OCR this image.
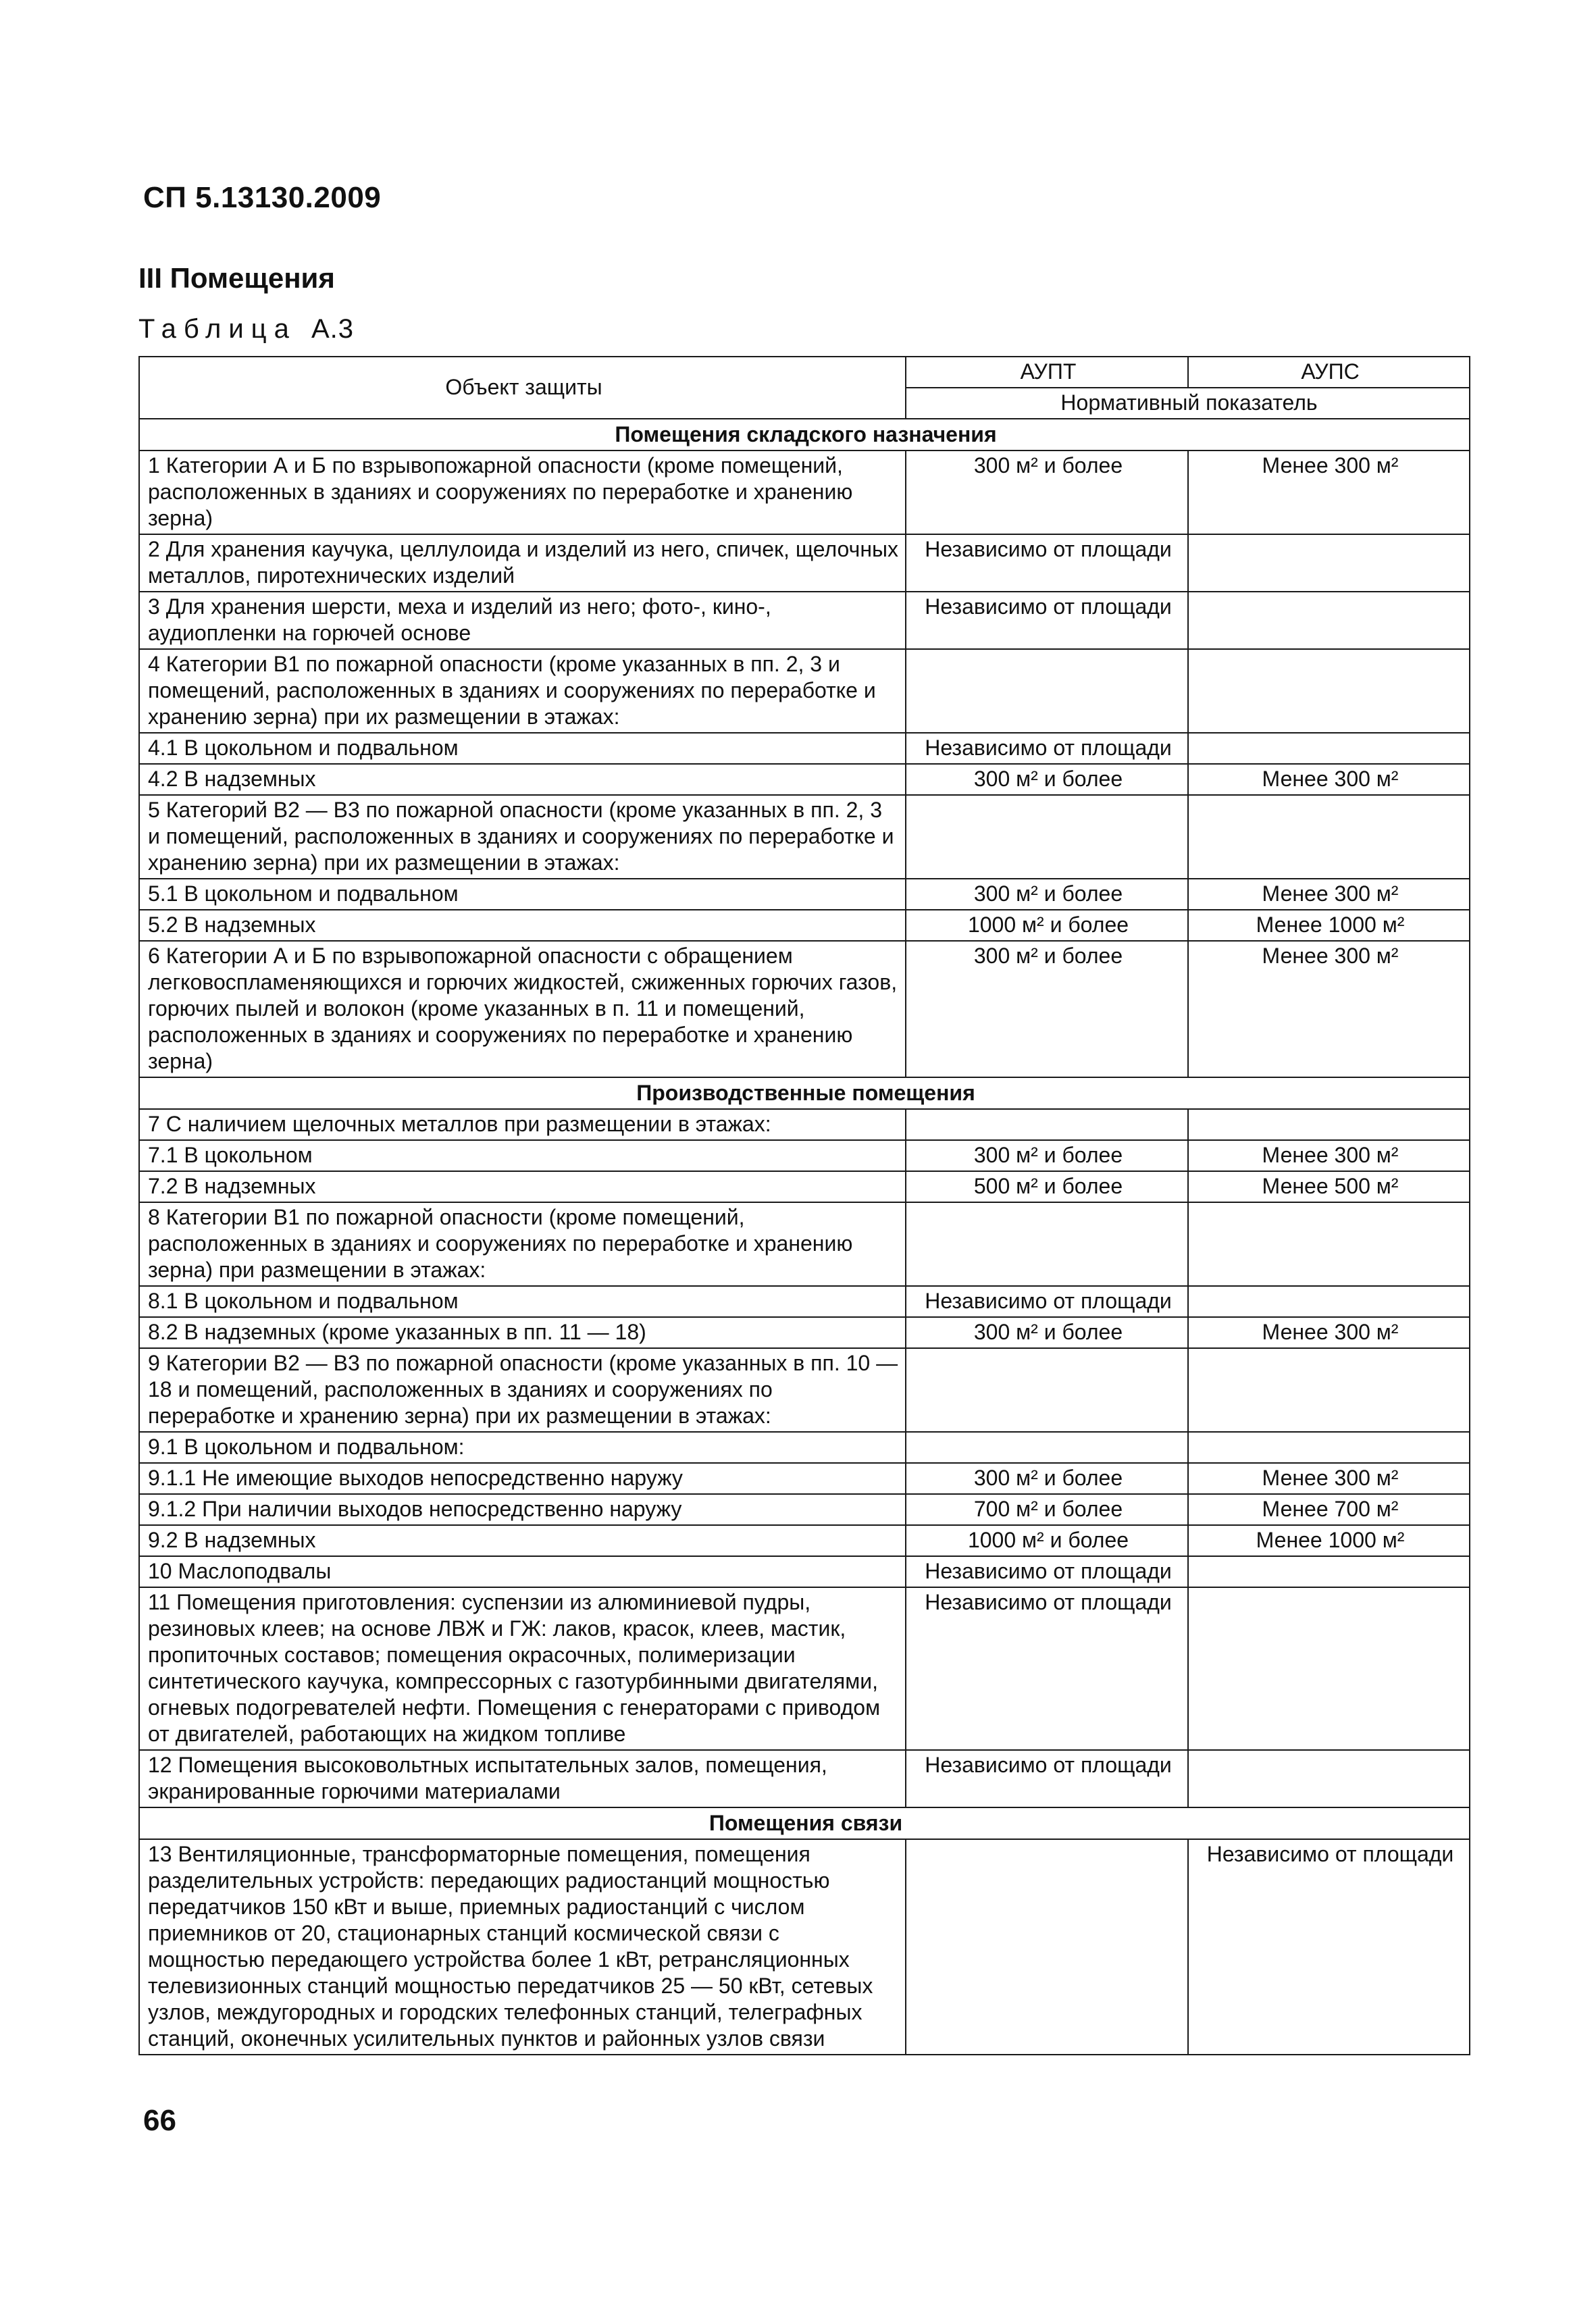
СП 5.13130.2009
III Помещения
Таблица А.3
Объект защиты	АУПТ	АУПС
	Нормативный показатель	
Помещения складского назначения		
1 Категории А и Б по взрывопожарной опасности (кроме помещений, расположенных в зданиях и сооружениях по переработке и хранению зерна)	300 м² и более	Менее 300 м²
2 Для хранения каучука, целлулоида и изделий из него, спичек, щелочных металлов, пиротехнических изделий	Независимо от площади	
3 Для хранения шерсти, меха и изделий из него; фото-, кино-, аудиопленки на горючей основе	Независимо от площади	
4 Категории В1 по пожарной опасности (кроме указанных в пп. 2, 3 и помещений, расположенных в зданиях и сооружениях по переработке и хранению зерна) при их размещении в этажах:		
4.1 В цокольном и подвальном	Независимо от площади	
4.2 В надземных	300 м² и более	Менее 300 м²
5 Категорий В2 — В3 по пожарной опасности (кроме указанных в пп. 2, 3 и помещений, расположенных в зданиях и сооружениях по переработке и хранению зерна) при их размещении в этажах:		
5.1 В цокольном и подвальном	300 м² и более	Менее 300 м²
5.2 В надземных	1000 м² и более	Менее 1000 м²
6 Категории А и Б по взрывопожарной опасности с обращением легковоспламеняющихся и горючих жидкостей, сжиженных горючих газов, горючих пылей и волокон (кроме указанных в п. 11 и помещений, расположенных в зданиях и сооружениях по переработке и хранению зерна)	300 м² и более	Менее 300 м²
Производственные помещения		
7 С наличием щелочных металлов при размещении в этажах:		
7.1 В цокольном	300 м² и более	Менее 300 м²
7.2 В надземных	500 м² и более	Менее 500 м²
8 Категории В1 по пожарной опасности (кроме помещений, расположенных в зданиях и сооружениях по переработке и хранению зерна) при размещении в этажах:		
8.1 В цокольном и подвальном	Независимо от площади	
8.2 В надземных (кроме указанных в пп. 11 — 18)	300 м² и более	Менее 300 м²
9 Категории В2 — В3 по пожарной опасности (кроме указанных в пп. 10 — 18 и помещений, расположенных в зданиях и сооружениях по переработке и хранению зерна) при их размещении в этажах:		
9.1 В цокольном и подвальном:		
9.1.1 Не имеющие выходов непосредственно наружу	300 м² и более	Менее 300 м²
9.1.2 При наличии выходов непосредственно наружу	700 м² и более	Менее 700 м²
9.2 В надземных	1000 м² и более	Менее 1000 м²
10 Маслоподвалы	Независимо от площади	
11 Помещения приготовления: суспензии из алюминиевой пудры, резиновых клеев; на основе ЛВЖ и ГЖ: лаков, красок, клеев, мастик, пропиточных составов; помещения окрасочных, полимеризации синтетического каучука, компрессорных с газотурбинными двигателями, огневых подогревателей нефти. Помещения с генераторами с приводом от двигателей, работающих на жидком топливе	Независимо от площади	
12 Помещения высоковольтных испытательных залов, помещения, экранированные горючими материалами	Независимо от площади	
Помещения связи		
13 Вентиляционные, трансформаторные помещения, помещения разделительных устройств: передающих радиостанций мощностью передатчиков 150 кВт и выше, приемных радиостанций с числом приемников от 20, стационарных станций космической связи с мощностью передающего устройства более 1 кВт, ретрансляционных телевизионных станций мощностью передатчиков 25 — 50 кВт, сетевых узлов, междугородных и городских телефонных станций, телеграфных станций, оконечных усилительных пунктов и районных узлов связи		Независимо от площади
66
